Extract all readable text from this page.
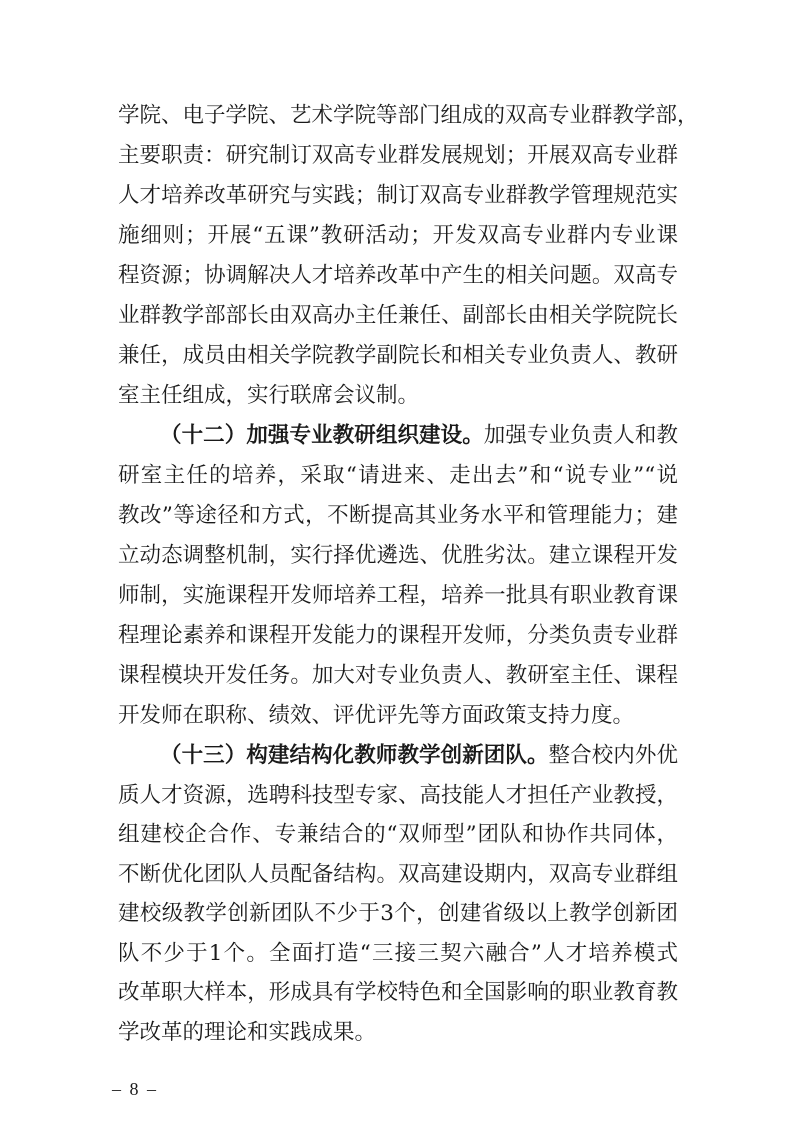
学院、电子学院、艺术学院等部门组成的双高专业群教学部，
主要职责：研究制订双高专业群发展规划；开展双高专业群
人才培养改革研究与实践；制订双高专业群教学管理规范实
施细则；开展“五课”教研活动；开发双高专业群内专业课
程资源；协调解决人才培养改革中产生的相关问题。双高专
业群教学部部长由双高办主任兼任、副部长由相关学院院长
兼任，成员由相关学院教学副院长和相关专业负责人、教研
室主任组成，实行联席会议制。
（十二）加强专业教研组织建设。加强专业负责人和教
研室主任的培养，采取“请进来、走出去”和“说专业”“说
教改”等途径和方式，不断提高其业务水平和管理能力；建
立动态调整机制，实行择优遴选、优胜劣汰。建立课程开发
师制，实施课程开发师培养工程，培养一批具有职业教育课
程理论素养和课程开发能力的课程开发师，分类负责专业群
课程模块开发任务。加大对专业负责人、教研室主任、课程
开发师在职称、绩效、评优评先等方面政策支持力度。
（十三）构建结构化教师教学创新团队。整合校内外优
质人才资源，选聘科技型专家、高技能人才担任产业教授，
组建校企合作、专兼结合的“双师型”团队和协作共同体，
不断优化团队人员配备结构。双高建设期内，双高专业群组
建校级教学创新团队不少于3个，创建省级以上教学创新团
队不少于1个。全面打造“三接三契六融合”人才培养模式
改革职大样本，形成具有学校特色和全国影响的职业教育教
学改革的理论和实践成果。
– 8 –
